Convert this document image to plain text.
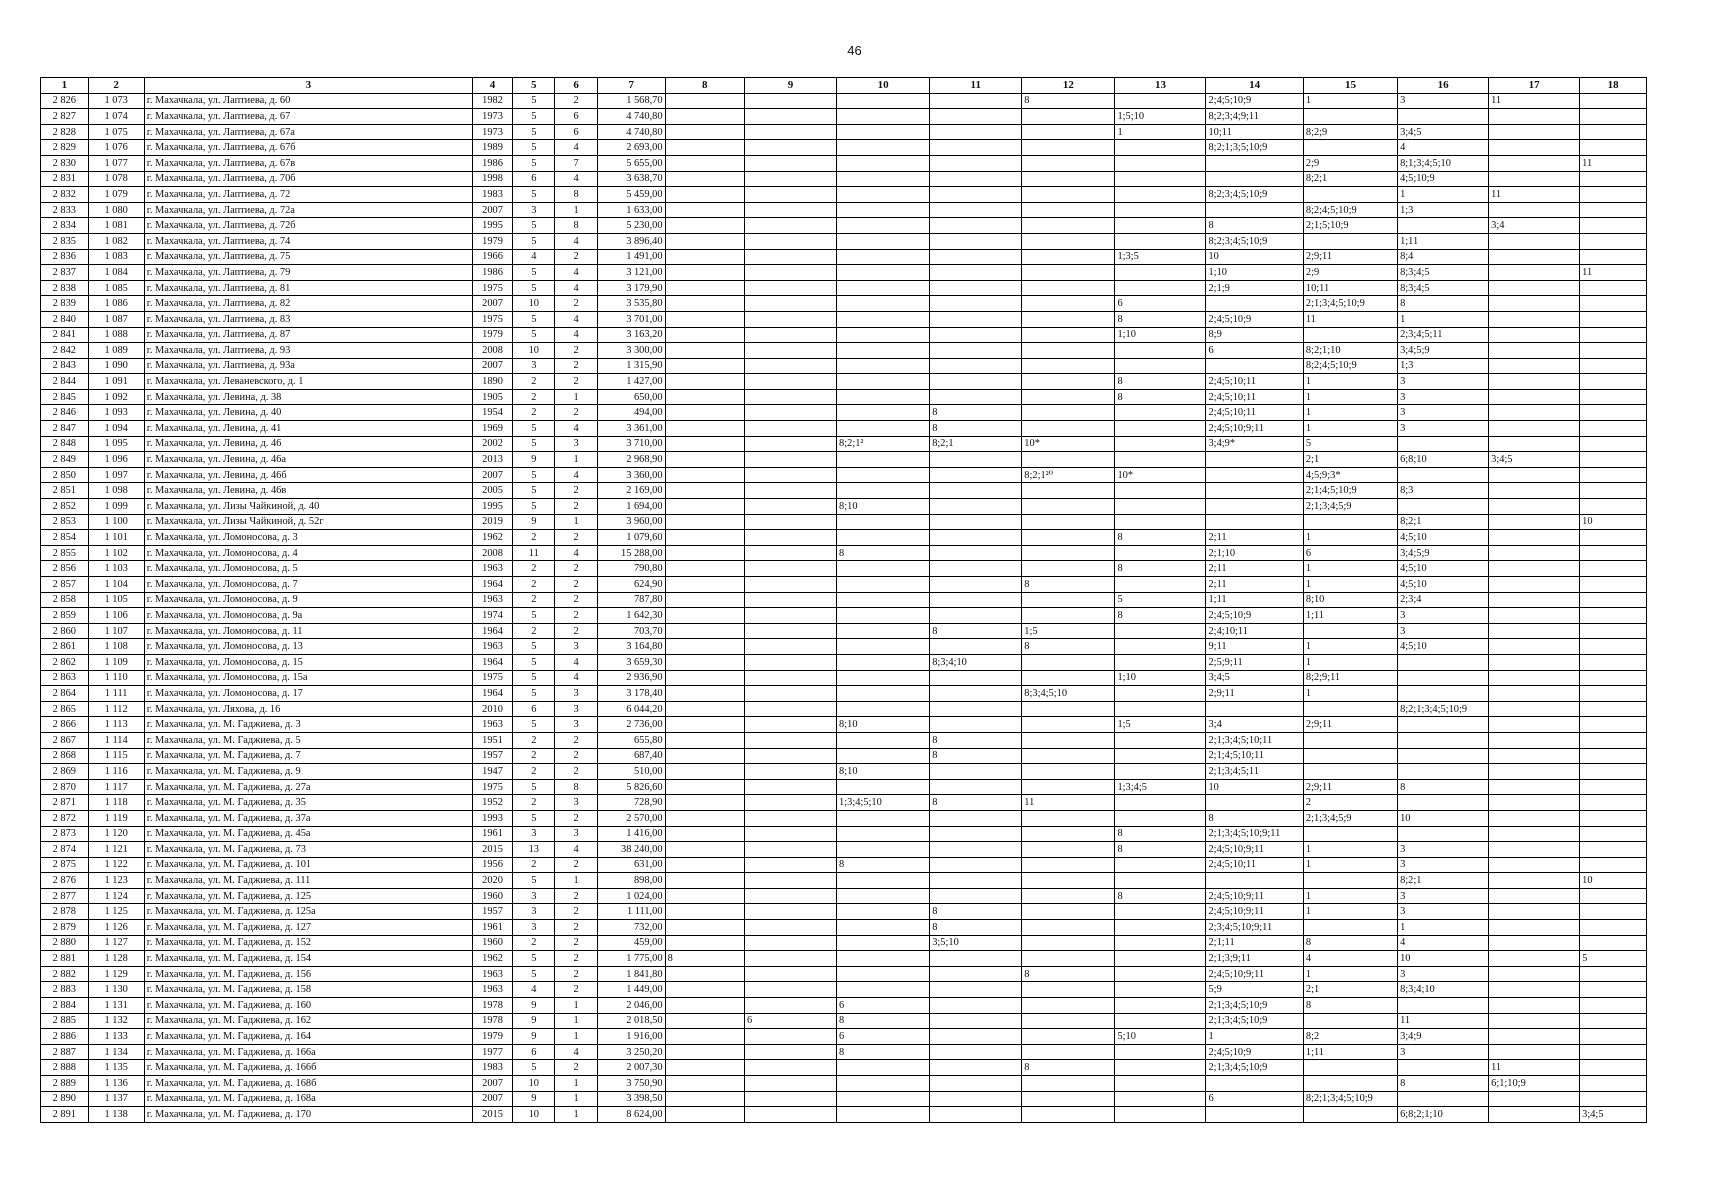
46
1	2	3	4	5	6	7	8	9	10	11	12	13	14	15	16	17	18
2 826	1 073	г. Махачкала, ул. Лаптиева, д. 60	1982	5	2	1 568,70					8		2;4;5;10;9	1	3	11	
2 827	1 074	г. Махачкала, ул. Лаптиева, д. 67	1973	5	6	4 740,80						1;5;10	8;2;3;4;9;11				
2 828	1 075	г. Махачкала, ул. Лаптиева, д. 67а	1973	5	6	4 740,80						1	10;11	8;2;9	3;4;5		
2 829	1 076	г. Махачкала, ул. Лаптиева, д. 67б	1989	5	4	2 693,00							8;2;1;3;5;10;9		4		
2 830	1 077	г. Махачкала, ул. Лаптиева, д. 67в	1986	5	7	5 655,00								2;9	8;1;3;4;5;10		11
2 831	1 078	г. Махачкала, ул. Лаптиева, д. 70б	1998	6	4	3 638,70								8;2;1	4;5;10;9		
2 832	1 079	г. Махачкала, ул. Лаптиева, д. 72	1983	5	8	5 459,00							8;2;3;4;5;10;9		1	11	
2 833	1 080	г. Махачкала, ул. Лаптиева, д. 72а	2007	3	1	1 633,00								8;2;4;5;10;9	1;3		
2 834	1 081	г. Махачкала, ул. Лаптиева, д. 72б	1995	5	8	5 230,00							8	2;1;5;10;9		3;4	
2 835	1 082	г. Махачкала, ул. Лаптиева, д. 74	1979	5	4	3 896,40							8;2;3;4;5;10;9		1;11		
2 836	1 083	г. Махачкала, ул. Лаптиева, д. 75	1966	4	2	1 491,00						1;3;5	10	2;9;11	8;4		
2 837	1 084	г. Махачкала, ул. Лаптиева, д. 79	1986	5	4	3 121,00							1;10	2;9	8;3;4;5		11
2 838	1 085	г. Махачкала, ул. Лаптиева, д. 81	1975	5	4	3 179,90							2;1;9	10;11	8;3;4;5		
2 839	1 086	г. Махачкала, ул. Лаптиева, д. 82	2007	10	2	3 535,80						6		2;1;3;4;5;10;9	8		
2 840	1 087	г. Махачкала, ул. Лаптиева, д. 83	1975	5	4	3 701,00						8	2;4;5;10;9	11	1		
2 841	1 088	г. Махачкала, ул. Лаптиева, д. 87	1979	5	4	3 163,20						1;10	8;9		2;3;4;5;11		
2 842	1 089	г. Махачкала, ул. Лаптиева, д. 93	2008	10	2	3 300,00							6	8;2;1;10	3;4;5;9		
2 843	1 090	г. Махачкала, ул. Лаптиева, д. 93а	2007	3	2	1 315,90								8;2;4;5;10;9	1;3		
2 844	1 091	г. Махачкала, ул. Леваневского, д. 1	1890	2	2	1 427,00						8	2;4;5;10;11	1	3		
2 845	1 092	г. Махачкала, ул. Левина, д. 38	1905	2	1	650,00						8	2;4;5;10;11	1	3		
2 846	1 093	г. Махачкала, ул. Левина, д. 40	1954	2	2	494,00				8			2;4;5;10;11	1	3		
2 847	1 094	г. Махачкала, ул. Левина, д. 41	1969	5	4	3 361,00				8			2;4;5;10;9;11	1	3		
2 848	1 095	г. Махачкала, ул. Левина, д. 46	2002	5	3	3 710,00			8;2;1²	8;2;1	10*		3;4;9*	5			
2 849	1 096	г. Махачкала, ул. Левина, д. 46а	2013	9	1	2 968,90								2;1	6;8;10	3;4;5	
2 850	1 097	г. Махачкала, ул. Левина, д. 46б	2007	5	4	3 360,00					8;2;1²⁰	10*		4;5;9;3*			
2 851	1 098	г. Махачкала, ул. Левина, д. 46в	2005	5	2	2 169,00								2;1;4;5;10;9	8;3		
2 852	1 099	г. Махачкала, ул. Лизы Чайкиной, д. 40	1995	5	2	1 694,00			8;10					2;1;3;4;5;9			
2 853	1 100	г. Махачкала, ул. Лизы Чайкиной, д. 52г	2019	9	1	3 960,00									8;2;1		10
2 854	1 101	г. Махачкала, ул. Ломоносова, д. 3	1962	2	2	1 079,60						8	2;11	1	4;5;10		
2 855	1 102	г. Махачкала, ул. Ломоносова, д. 4	2008	11	4	15 288,00			8				2;1;10	6	3;4;5;9		
2 856	1 103	г. Махачкала, ул. Ломоносова, д. 5	1963	2	2	790,80						8	2;11	1	4;5;10		
2 857	1 104	г. Махачкала, ул. Ломоносова, д. 7	1964	2	2	624,90					8		2;11	1	4;5;10		
2 858	1 105	г. Махачкала, ул. Ломоносова, д. 9	1963	2	2	787,80						5	1;11	8;10	2;3;4		
2 859	1 106	г. Махачкала, ул. Ломоносова, д. 9а	1974	5	2	1 642,30						8	2;4;5;10;9	1;11	3		
2 860	1 107	г. Махачкала, ул. Ломоносова, д. 11	1964	2	2	703,70				8	1;5		2;4;10;11		3		
2 861	1 108	г. Махачкала, ул. Ломоносова, д. 13	1963	5	3	3 164,80					8		9;11	1	4;5;10		
2 862	1 109	г. Махачкала, ул. Ломоносова, д. 15	1964	5	4	3 659,30				8;3;4;10			2;5;9;11	1			
2 863	1 110	г. Махачкала, ул. Ломоносова, д. 15а	1975	5	4	2 936,90						1;10	3;4;5	8;2;9;11			
2 864	1 111	г. Махачкала, ул. Ломоносова, д. 17	1964	5	3	3 178,40					8;3;4;5;10		2;9;11	1			
2 865	1 112	г. Махачкала, ул. Ляхова, д. 16	2010	6	3	6 044,20									8;2;1;3;4;5;10;9		
2 866	1 113	г. Махачкала, ул. М. Гаджиева, д. 3	1963	5	3	2 736,00			8;10			1;5	3;4	2;9;11			
2 867	1 114	г. Махачкала, ул. М. Гаджиева, д. 5	1951	2	2	655,80				8			2;1;3;4;5;10;11				
2 868	1 115	г. Махачкала, ул. М. Гаджиева, д. 7	1957	2	2	687,40				8			2;1;4;5;10;11				
2 869	1 116	г. Махачкала, ул. М. Гаджиева, д. 9	1947	2	2	510,00			8;10				2;1;3;4;5;11				
2 870	1 117	г. Махачкала, ул. М. Гаджиева, д. 27а	1975	5	8	5 826,60						1;3;4;5	10	2;9;11	8		
2 871	1 118	г. Махачкала, ул. М. Гаджиева, д. 35	1952	2	3	728,90			1;3;4;5;10	8	11			2			
2 872	1 119	г. Махачкала, ул. М. Гаджиева, д. 37а	1993	5	2	2 570,00							8	2;1;3;4;5;9	10		
2 873	1 120	г. Махачкала, ул. М. Гаджиева, д. 45а	1961	3	3	1 416,00						8	2;1;3;4;5;10;9;11				
2 874	1 121	г. Махачкала, ул. М. Гаджиева, д. 73	2015	13	4	38 240,00						8	2;4;5;10;9;11	1	3		
2 875	1 122	г. Махачкала, ул. М. Гаджиева, д. 101	1956	2	2	631,00			8				2;4;5;10;11	1	3		
2 876	1 123	г. Махачкала, ул. М. Гаджиева, д. 111	2020	5	1	898,00									8;2;1		10
2 877	1 124	г. Махачкала, ул. М. Гаджиева, д. 125	1960	3	2	1 024,00						8	2;4;5;10;9;11	1	3		
2 878	1 125	г. Махачкала, ул. М. Гаджиева, д. 125а	1957	3	2	1 111,00				8			2;4;5;10;9;11	1	3		
2 879	1 126	г. Махачкала, ул. М. Гаджиева, д. 127	1961	3	2	732,00				8			2;3;4;5;10;9;11		1		
2 880	1 127	г. Махачкала, ул. М. Гаджиева, д. 152	1960	2	2	459,00				3;5;10			2;1;11	8	4		
2 881	1 128	г. Махачкала, ул. М. Гаджиева, д. 154	1962	5	2	1 775,00	8						2;1;3;9;11	4	10		5
2 882	1 129	г. Махачкала, ул. М. Гаджиева, д. 156	1963	5	2	1 841,80					8		2;4;5;10;9;11	1	3		
2 883	1 130	г. Махачкала, ул. М. Гаджиева, д. 158	1963	4	2	1 449,00							5;9	2;1	8;3;4;10		
2 884	1 131	г. Махачкала, ул. М. Гаджиева, д. 160	1978	9	1	2 046,00			6				2;1;3;4;5;10;9	8			
2 885	1 132	г. Махачкала, ул. М. Гаджиева, д. 162	1978	9	1	2 018,50		6	8				2;1;3;4;5;10;9		11		
2 886	1 133	г. Махачкала, ул. М. Гаджиева, д. 164	1979	9	1	1 916,00			6			5;10	1	8;2	3;4;9		
2 887	1 134	г. Махачкала, ул. М. Гаджиева, д. 166а	1977	6	4	3 250,20			8				2;4;5;10;9	1;11	3		
2 888	1 135	г. Махачкала, ул. М. Гаджиева, д. 166б	1983	5	2	2 007,30					8		2;1;3;4;5;10;9			11	
2 889	1 136	г. Махачкала, ул. М. Гаджиева, д. 168б	2007	10	1	3 750,90									8	6;1;10;9	
2 890	1 137	г. Махачкала, ул. М. Гаджиева, д. 168а	2007	9	1	3 398,50							6	8;2;1;3;4;5;10;9			
2 891	1 138	г. Махачкала, ул. М. Гаджиева, д. 170	2015	10	1	8 624,00									6;8;2;1;10		3;4;5
